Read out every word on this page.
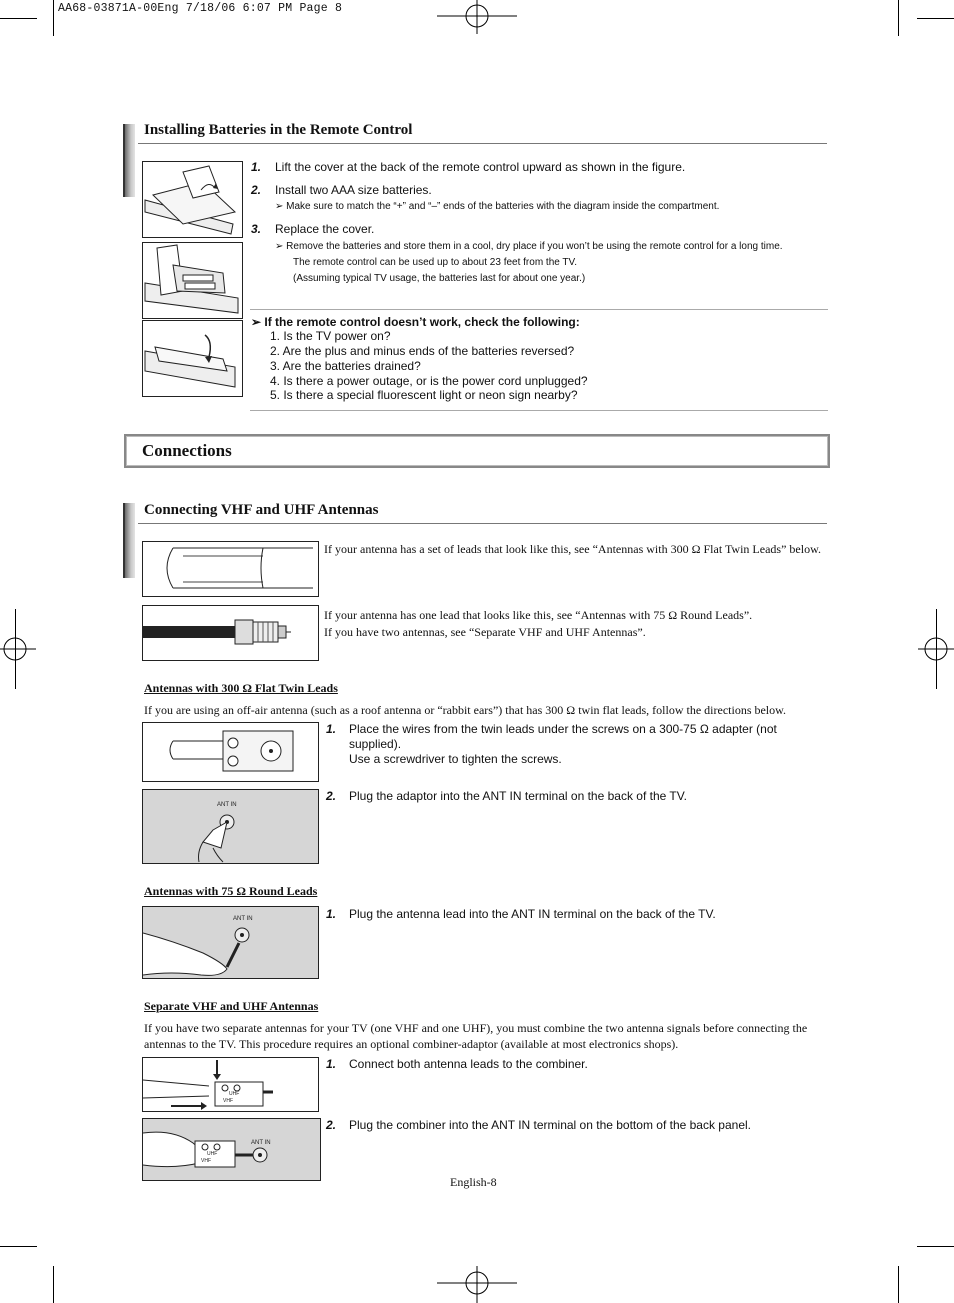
AA68-03871A-00Eng 7/18/06 6:07 PM Page 8
Installing Batteries in the Remote Control
1. Lift the cover at the back of the remote control upward as shown in the figure.
2. Install two AAA size batteries.
➢ Make sure to match the “+” and “–” ends of the batteries with the diagram inside the compartment.
3. Replace the cover.
➢ Remove the batteries and store them in a cool, dry place if you won’t be using the remote control for a long time.
The remote control can be used up to about 23 feet from the TV.
(Assuming typical TV usage, the batteries last for about one year.)
➢ If the remote control doesn’t work, check the following:
1. Is the TV power on?
2. Are the plus and minus ends of the batteries reversed?
3. Are the batteries drained?
4. Is there a power outage, or is the power cord unplugged?
5. Is there a special fluorescent light or neon sign nearby?
Connections
Connecting VHF and UHF Antennas
If your antenna has a set of leads that look like this, see “Antennas with 300 Ω Flat Twin Leads” below.
If your antenna has one lead that looks like this, see “Antennas with 75 Ω Round Leads”.
If you have two antennas, see “Separate VHF and UHF Antennas”.
Antennas with 300 Ω Flat Twin Leads
If you are using an off-air antenna (such as a roof antenna or “rabbit ears”) that has 300 Ω twin flat leads, follow the directions below.
1. Place the wires from the twin leads under the screws on a 300-75 Ω adapter (not supplied).
Use a screwdriver to tighten the screws.
ANT IN
2. Plug the adaptor into the ANT IN terminal on the back of the TV.
Antennas with 75 Ω Round Leads
ANT IN	1. Plug the antenna lead into the ANT IN terminal on the back of the TV.
Separate VHF and UHF Antennas
If you have two separate antennas for your TV (one VHF and one UHF), you must combine the two antenna signals before connecting the antennas to the TV. This procedure requires an optional combiner-adaptor (available at most electronics shops).
UHF
VHF
1. Connect both antenna leads to the combiner.
UHF
VHF
ANT IN
2. Plug the combiner into the ANT IN terminal on the bottom of the back panel.
English-8
